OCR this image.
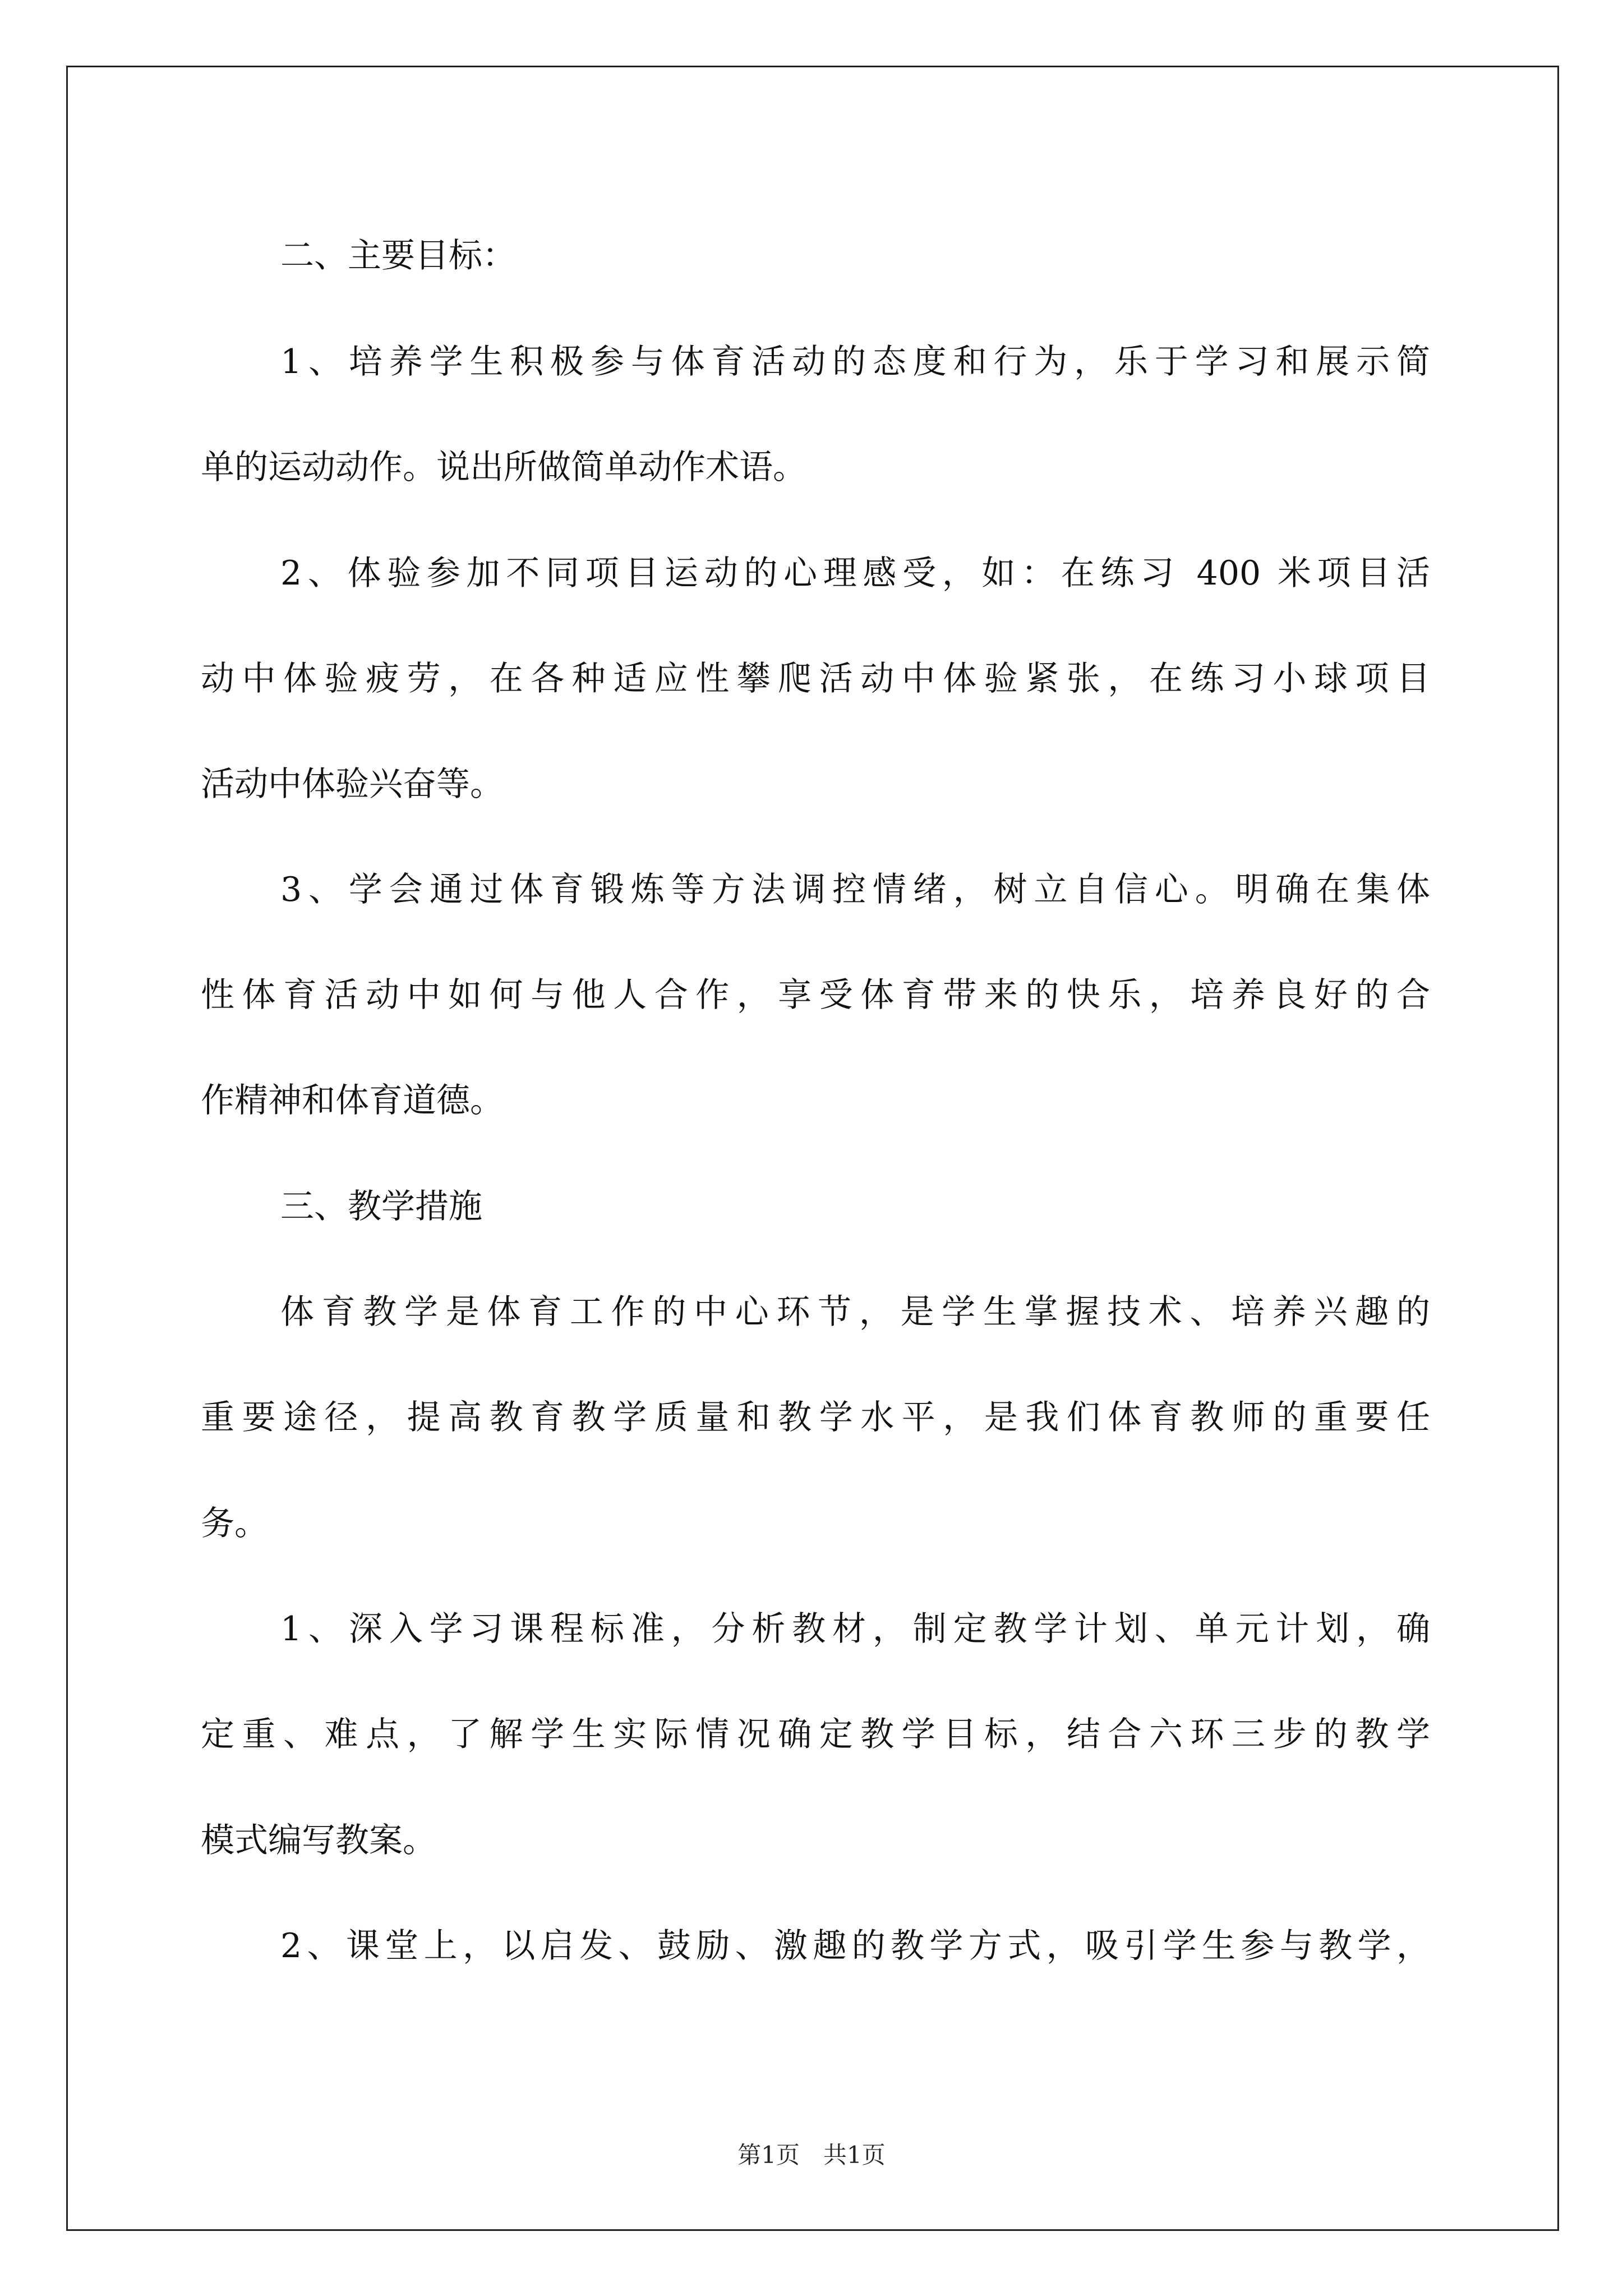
二、主要目标：

1、培养学生积极参与体育活动的态度和行为，乐于学习和展示简

单的运动动作。说出所做简单动作术语。

2、体验参加不同项目运动的心理感受，如：在练习 400 米项目活

动中体验疲劳，在各种适应性攀爬活动中体验紧张，在练习小球项目

活动中体验兴奋等。

3、学会通过体育锻炼等方法调控情绪，树立自信心。明确在集体

性体育活动中如何与他人合作，享受体育带来的快乐，培养良好的合

作精神和体育道德。

三、教学措施

体育教学是体育工作的中心环节，是学生掌握技术、培养兴趣的

重要途径，提高教育教学质量和教学水平，是我们体育教师的重要任

务。

1、深入学习课程标准，分析教材，制定教学计划、单元计划，确

定重、难点，了解学生实际情况确定教学目标，结合六环三步的教学

模式编写教案。

2、课堂上，以启发、鼓励、激趣的教学方式，吸引学生参与教学，

第1页　共1页
